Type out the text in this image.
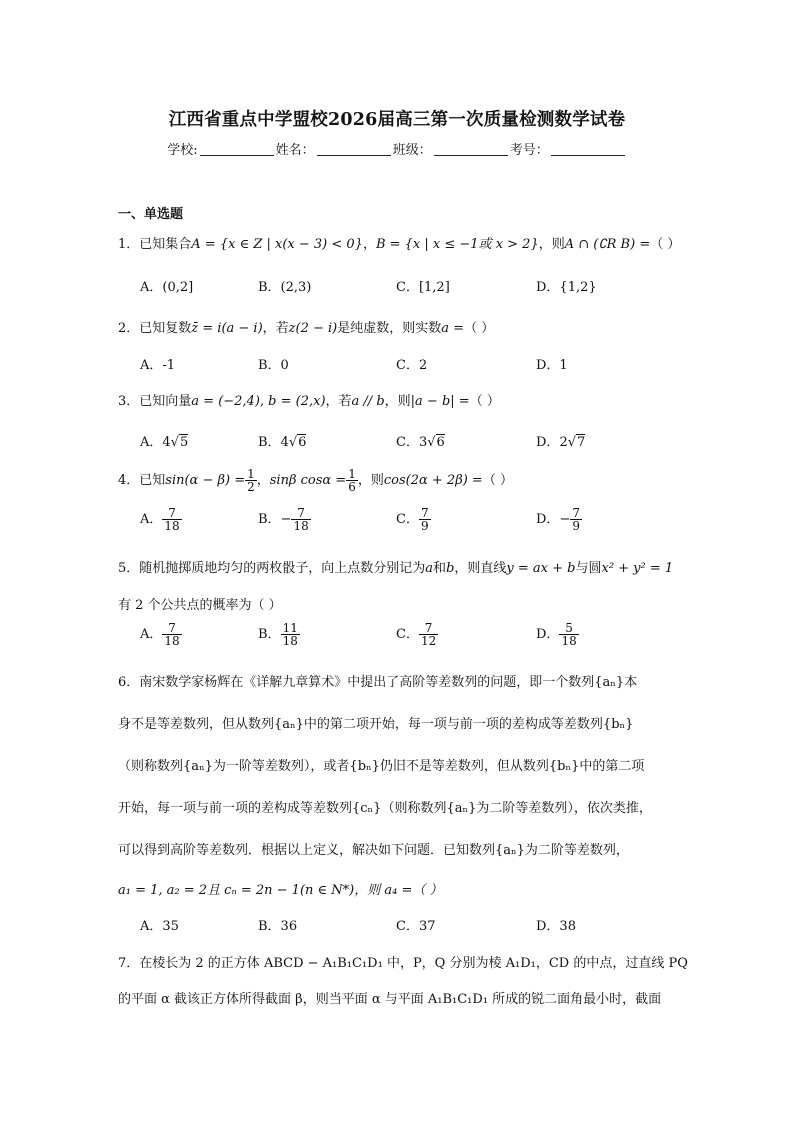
江西省重点中学盟校2026届高三第一次质量检测数学试卷
学校:	姓名：	班级：	考号：
一、单选题
1．已知集合A = {x ∈ Z | x(x − 3) < 0}，B = {x | x ≤ −1或 x > 2}，则A ∩ (∁R B) =（ ）
A．(0,2]	B．(2,3)	C．[1,2]	D．{1,2}
2．已知复数z̄ = i(a − i)，若z(2 − i)是纯虚数，则实数a =（ ）
A．-1	B．0	C．2	D．1
3．已知向量a = (−2,4), b = (2,x)，若a // b，则|a − b| =（ ）
A．4√5	B．4√6	C．3√6	D．2√7
4．已知$\sin(\alpha - \beta) = \frac{1}{2}$ ，sinβ $\cos\alpha = \frac{1}{6}$ ，则cos(2α + 2β) =（ ）
A． $\frac{7}{18}$	B．− $\frac{7}{18}$	C． $\frac{7}{9}$	D．− $\frac{7}{9}$
5．随机抛掷质地均匀的两枚骰子，向上点数分别记为a和b，则直线y = ax + b与圆x² + y² = 1
有 2 个公共点的概率为（ ）
A． $\frac{7}{18}$	B． $\frac{11}{18}$	C． $\frac{7}{12}$	D． $\frac{5}{18}$
6．南宋数学家杨辉在《详解九章算术》中提出了高阶等差数列的问题，即一个数列{aₙ}本
身不是等差数列，但从数列{aₙ}中的第二项开始，每一项与前一项的差构成等差数列{bₙ}
（则称数列{aₙ}为一阶等差数列），或者{bₙ}仍旧不是等差数列，但从数列{bₙ}中的第二项
开始，每一项与前一项的差构成等差数列{cₙ}（则称数列{aₙ}为二阶等差数列），依次类推，
可以得到高阶等差数列．根据以上定义，解决如下问题．已知数列{aₙ}为二阶等差数列，
a₁ = 1, a₂ = 2且 cₙ = 2n − 1(n ∈ N*)，则 a₄ =（ ）
A．35	B．36	C．37	D．38
7．在棱长为 2 的正方体 ABCD − A₁B₁C₁D₁ 中，P，Q 分别为棱 A₁D₁，CD 的中点，过直线 PQ
的平面 α 截该正方体所得截面 β，则当平面 α 与平面 A₁B₁C₁D₁ 所成的锐二面角最小时，截面
